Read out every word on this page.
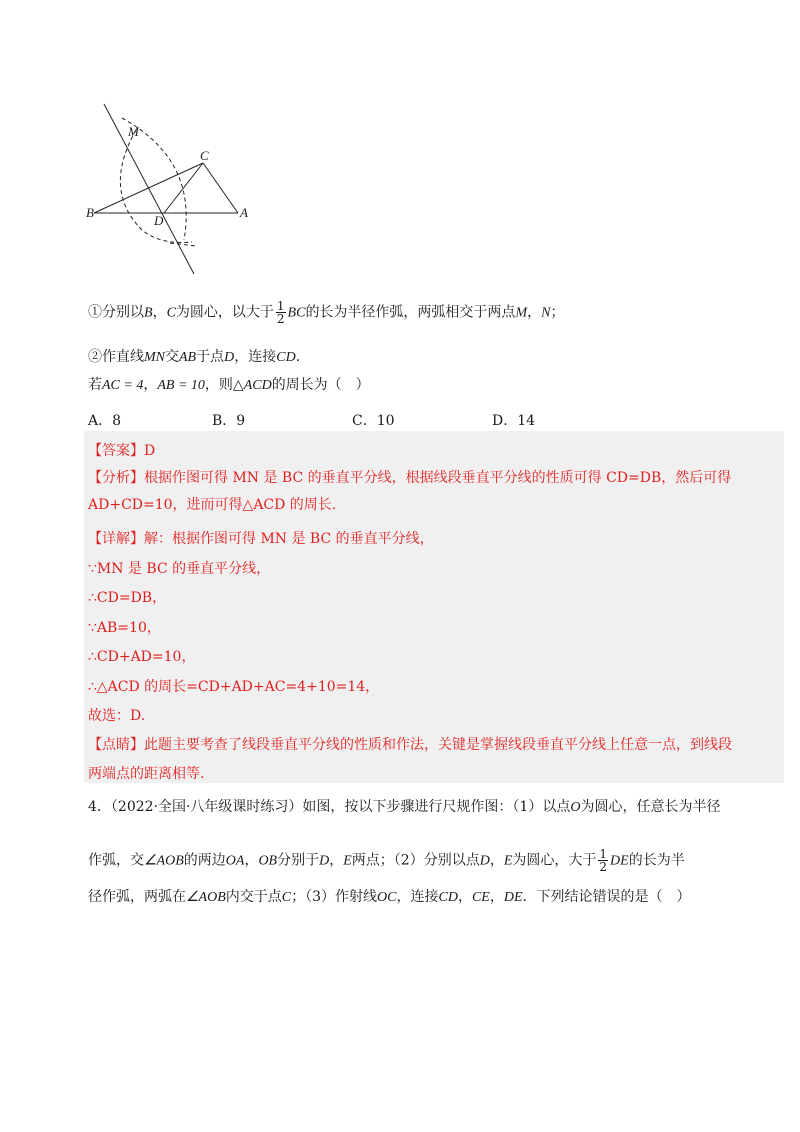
M
C
B
D
A
①分别以B，C为圆心，以大于 $\frac{1}{2}$ BC的长为半径作弧，两弧相交于两点M，N；
②作直线MN交AB于点D，连接CD.
若AC = 4，AB = 10，则△ACD的周长为（　）
A．8	B．9	C．10	D．14
【答案】D
【分析】根据作图可得 MN 是 BC 的垂直平分线，根据线段垂直平分线的性质可得 CD=DB，然后可得
AD+CD=10，进而可得△ACD 的周长.
【详解】解：根据作图可得 MN 是 BC 的垂直平分线，
∵MN 是 BC 的垂直平分线，
∴CD=DB，
∵AB=10，
∴CD+AD=10，
∴△ACD 的周长=CD+AD+AC=4+10=14，
故选：D.
【点睛】此题主要考查了线段垂直平分线的性质和作法，关键是掌握线段垂直平分线上任意一点，到线段
两端点的距离相等.
4．（2022·全国·八年级课时练习）如图，按以下步骤进行尺规作图：（1）以点O为圆心，任意长为半径
作弧，交∠AOB的两边OA，OB分别于D，E两点；（2）分别以点D，E为圆心，大于 $\frac{1}{2}$ DE的长为半
径作弧，两弧在∠AOB内交于点C；（3）作射线OC，连接CD，CE，DE．下列结论错误的是（　）
